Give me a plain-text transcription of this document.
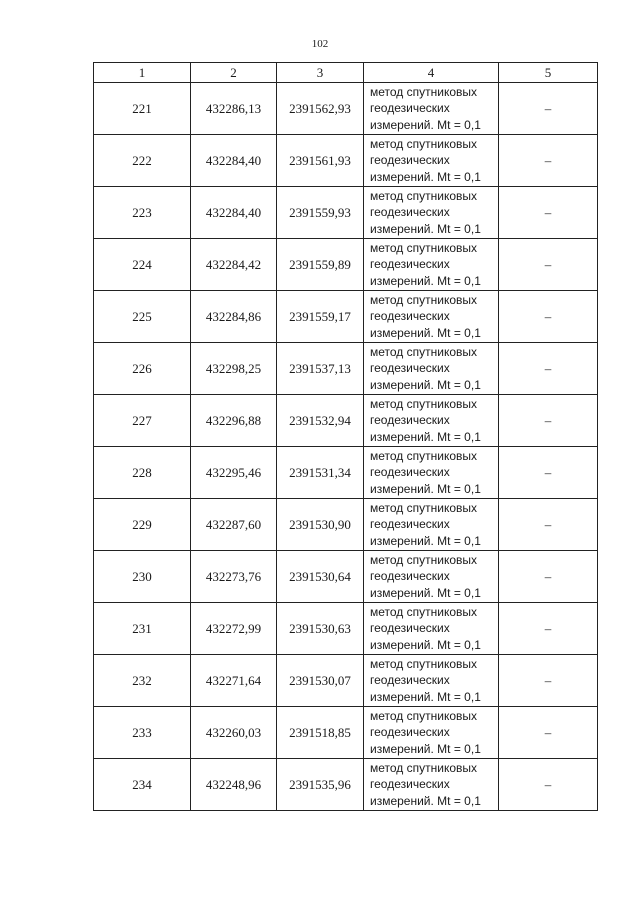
102
1	2	3	4	5
221	432286,13	2391562,93	метод спутниковых
геодезических
измерений. Mt = 0,1	–
222	432284,40	2391561,93	метод спутниковых
геодезических
измерений. Mt = 0,1	–
223	432284,40	2391559,93	метод спутниковых
геодезических
измерений. Mt = 0,1	–
224	432284,42	2391559,89	метод спутниковых
геодезических
измерений. Mt = 0,1	–
225	432284,86	2391559,17	метод спутниковых
геодезических
измерений. Mt = 0,1	–
226	432298,25	2391537,13	метод спутниковых
геодезических
измерений. Mt = 0,1	–
227	432296,88	2391532,94	метод спутниковых
геодезических
измерений. Mt = 0,1	–
228	432295,46	2391531,34	метод спутниковых
геодезических
измерений. Mt = 0,1	–
229	432287,60	2391530,90	метод спутниковых
геодезических
измерений. Mt = 0,1	–
230	432273,76	2391530,64	метод спутниковых
геодезических
измерений. Mt = 0,1	–
231	432272,99	2391530,63	метод спутниковых
геодезических
измерений. Mt = 0,1	–
232	432271,64	2391530,07	метод спутниковых
геодезических
измерений. Mt = 0,1	–
233	432260,03	2391518,85	метод спутниковых
геодезических
измерений. Mt = 0,1	–
234	432248,96	2391535,96	метод спутниковых
геодезических
измерений. Mt = 0,1	–
